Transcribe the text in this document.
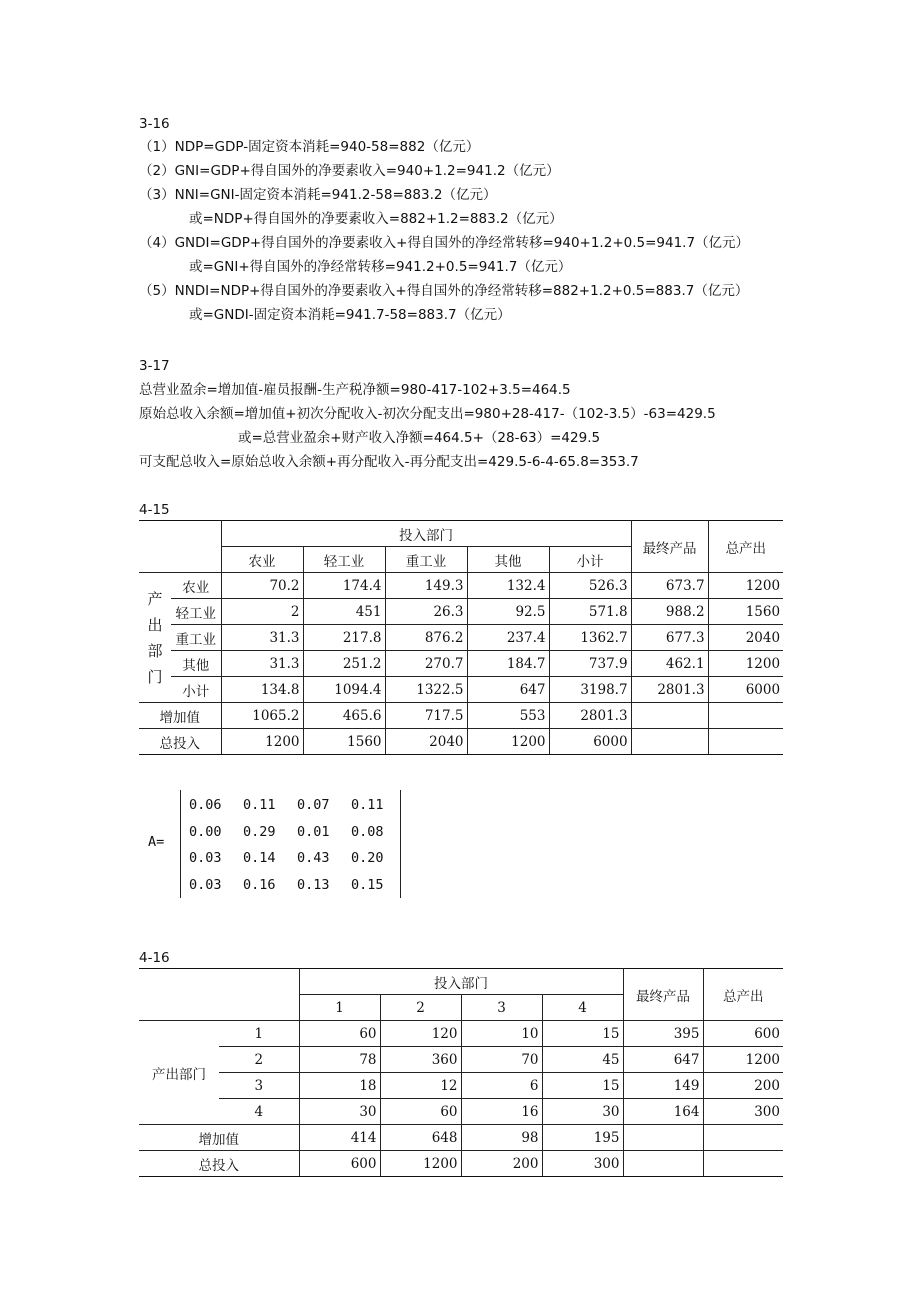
3-16
（1）NDP=GDP-固定资本消耗=940-58=882（亿元）
（2）GNI=GDP+得自国外的净要素收入=940+1.2=941.2（亿元）
（3）NNI=GNI-固定资本消耗=941.2-58=883.2（亿元）
或=NDP+得自国外的净要素收入=882+1.2=883.2（亿元）
（4）GNDI=GDP+得自国外的净要素收入+得自国外的净经常转移=940+1.2+0.5=941.7（亿元）
或=GNI+得自国外的净经常转移=941.2+0.5=941.7（亿元）
（5）NNDI=NDP+得自国外的净要素收入+得自国外的净经常转移=882+1.2+0.5=883.7（亿元）
或=GNDI-固定资本消耗=941.7-58=883.7（亿元）
3-17
总营业盈余=增加值-雇员报酬-生产税净额=980-417-102+3.5=464.5
原始总收入余额=增加值+初次分配收入-初次分配支出=980+28-417-（102-3.5）-63=429.5
或=总营业盈余+财产收入净额=464.5+（28-63）=429.5
可支配总收入=原始总收入余额+再分配收入-再分配支出=429.5-6-4-65.8=353.7
4-15
		投入部门					最终产品	总产出
		农业	轻工业	重工业	其他	小计		

产
出
部
门	农业	70.2	174.4	149.3	132.4	526.3	673.7	1200
	轻工业	2	451	26.3	92.5	571.8	988.2	1560
	重工业	31.3	217.8	876.2	237.4	1362.7	677.3	2040
	其他	31.3	251.2	270.7	184.7	737.9	462.1	1200
	小计	134.8	1094.4	1322.5	647	3198.7	2801.3	6000
增加值		1065.2	465.6	717.5	553	2801.3		
总投入		1200	1560	2040	1200	6000		
A=
0.06 0.11 0.07 0.11
0.00 0.29 0.01 0.08
0.03 0.14 0.43 0.20
0.03 0.16 0.13 0.15
4-16
		投入部门				最终产品	总产出
		1	2	3	4		
产出部门	1	60	120	10	15	395	600
	2	78	360	70	45	647	1200
	3	18	12	6	15	149	200
	4	30	60	16	30	164	300
增加值		414	648	98	195		
总投入		600	1200	200	300		
